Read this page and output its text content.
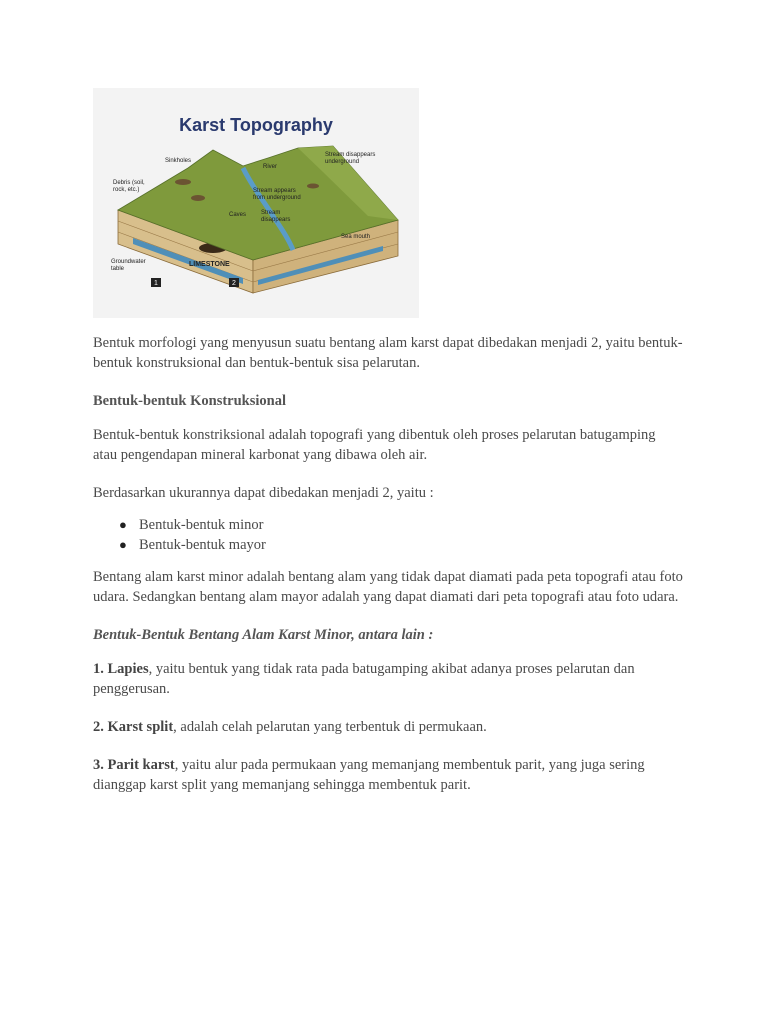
Karst Topography
Sinkholes
River
Stream disappears
underground
Debris (soil,
rock, etc.)	Stream appears
from underground
Caves Stream
disappears
Groundwater
table
Sea mouth
LIMESTONE
1	2

Bentuk morfologi yang menyusun suatu bentang alam karst dapat dibedakan menjadi 2, yaitu bentuk-bentuk konstruksional dan bentuk-bentuk sisa pelarutan.

Bentuk-bentuk Konstruksional

Bentuk-bentuk konstriksional adalah topografi yang dibentuk oleh proses pelarutan batugamping atau pengendapan mineral karbonat yang dibawa oleh air.

Berdasarkan ukurannya dapat dibedakan menjadi 2, yaitu :

● Bentuk-bentuk minor
● Bentuk-bentuk mayor

Bentang alam karst minor adalah bentang alam yang tidak dapat diamati pada peta topografi atau foto udara. Sedangkan bentang alam mayor adalah yang dapat diamati dari peta topografi atau foto udara.

Bentuk-Bentuk Bentang Alam Karst Minor, antara lain :

1. Lapies, yaitu bentuk yang tidak rata pada batugamping akibat adanya proses pelarutan dan penggerusan.

2. Karst split, adalah celah pelarutan yang terbentuk di permukaan.

3. Parit karst, yaitu alur pada permukaan yang memanjang membentuk parit, yang juga sering dianggap karst split yang memanjang sehingga membentuk parit.
